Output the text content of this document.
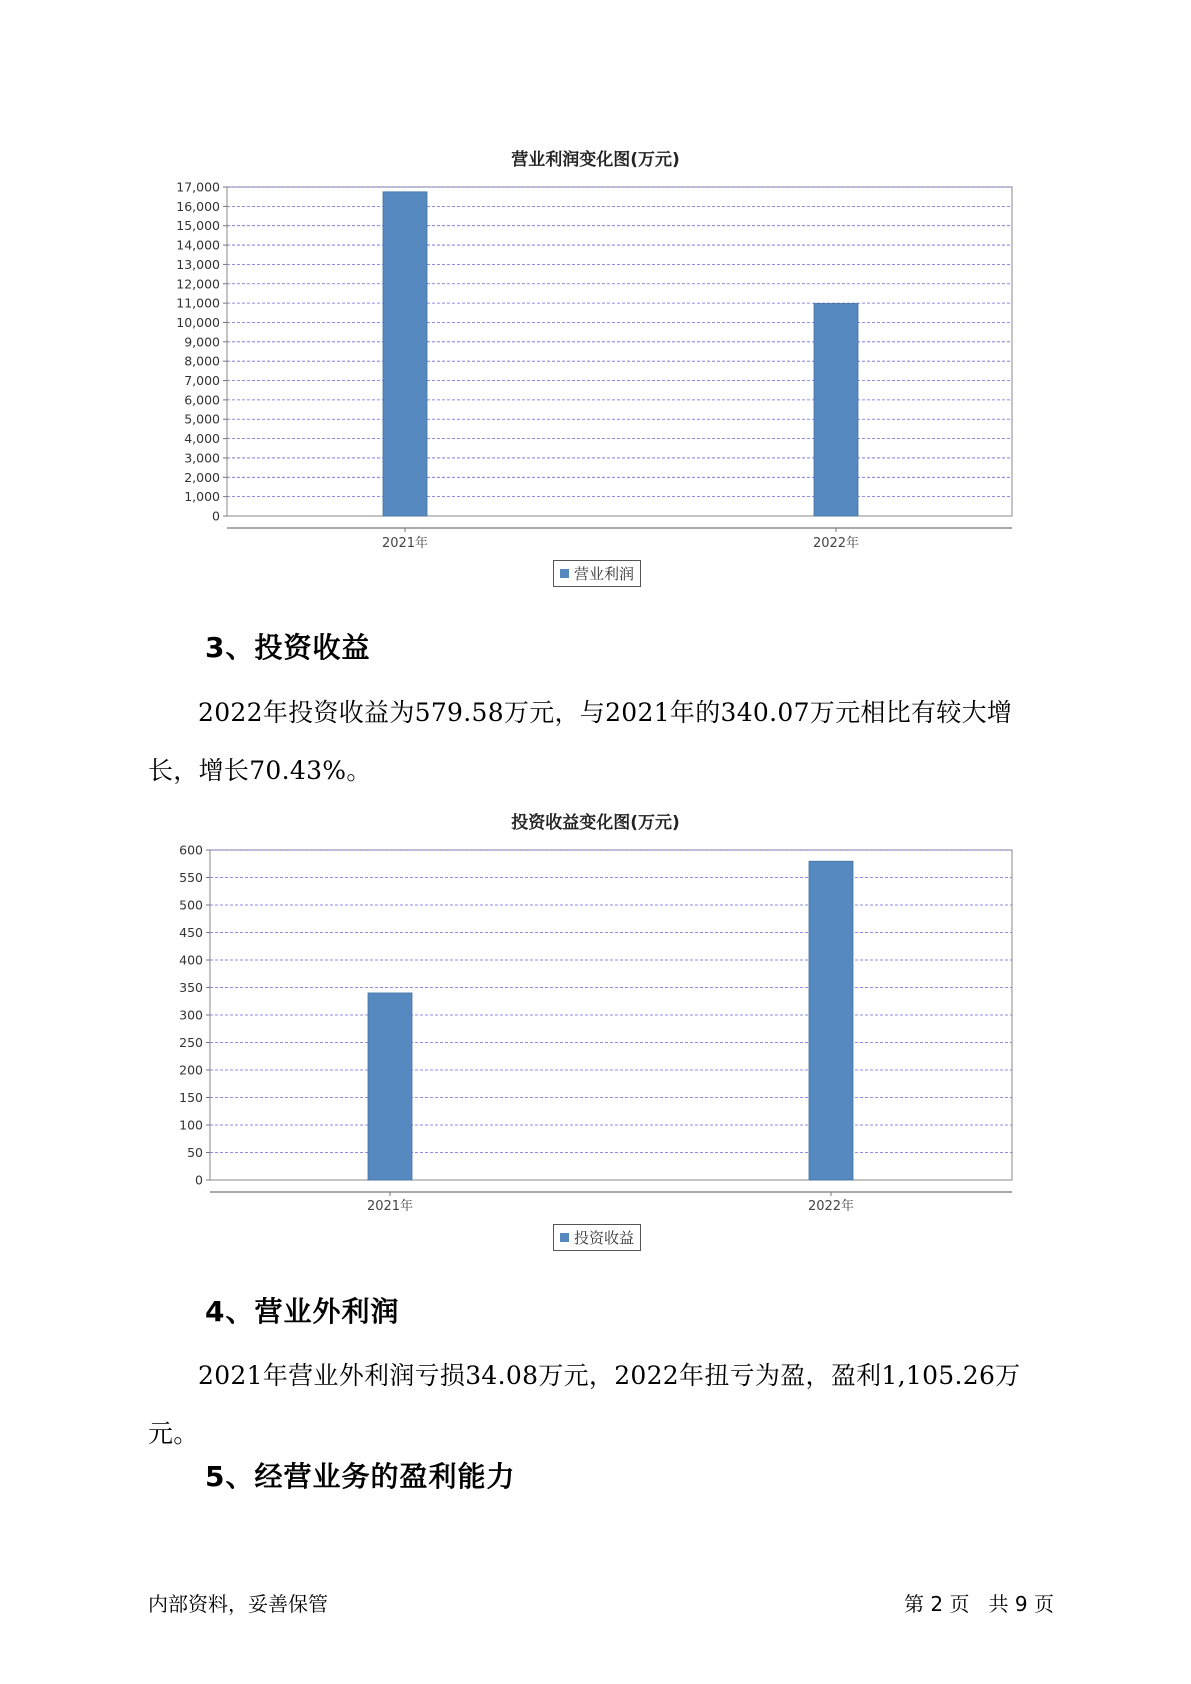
营业利润变化图(万元)
0
1,000
2,000
3,000
4,000
5,000
6,000
7,000
8,000
9,000
10,000
11,000
12,000
13,000
14,000
15,000
16,000
17,000
2021年	2022年
营业利润
3、投资收益

2022年投资收益为579.58万元，与2021年的340.07万元相比有较大增长，增长70.43%。

投资收益变化图(万元)
0
50
100
150
200
250
300
350
400
450
500
550
600
2021年	2022年
投资收益
4、营业外利润

2021年营业外利润亏损34.08万元，2022年扭亏为盈，盈利1,105.26万元。

5、经营业务的盈利能力
内部资料，妥善保管	第 2 页   共 9 页
